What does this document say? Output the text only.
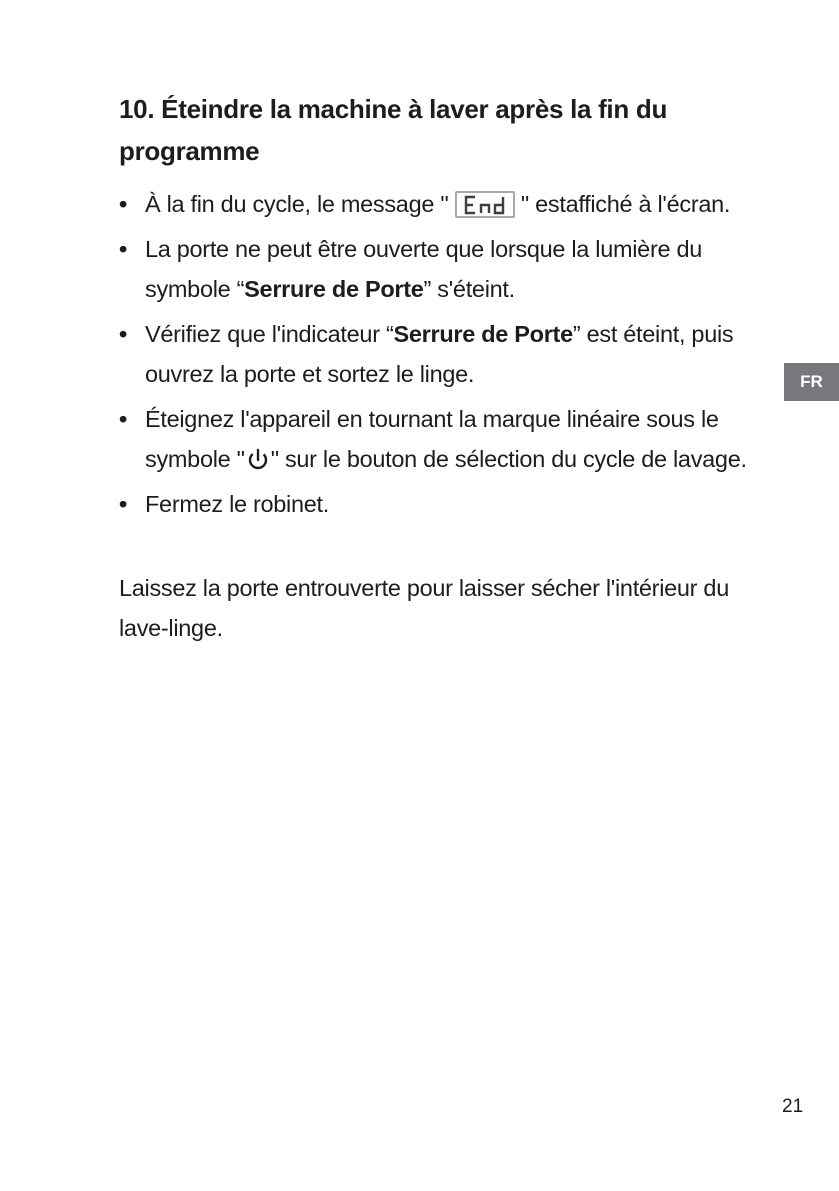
10. Éteindre la machine à laver après la fin du programme
• À la fin du cycle, le message "	" estaffiché à l'écran.
• La porte ne peut être ouverte que lorsque la lumière du symbole “Serrure de Porte” s'éteint.
• Vérifiez que l'indicateur “Serrure de Porte” est éteint, puis ouvrez la porte et sortez le linge.
• Éteignez l'appareil en tournant la marque linéaire sous le symbole " " sur le bouton de sélection du cycle de lavage.
• Fermez le robinet.

Laissez la porte entrouverte pour laisser sécher l'intérieur du lave-linge.

FR
21
